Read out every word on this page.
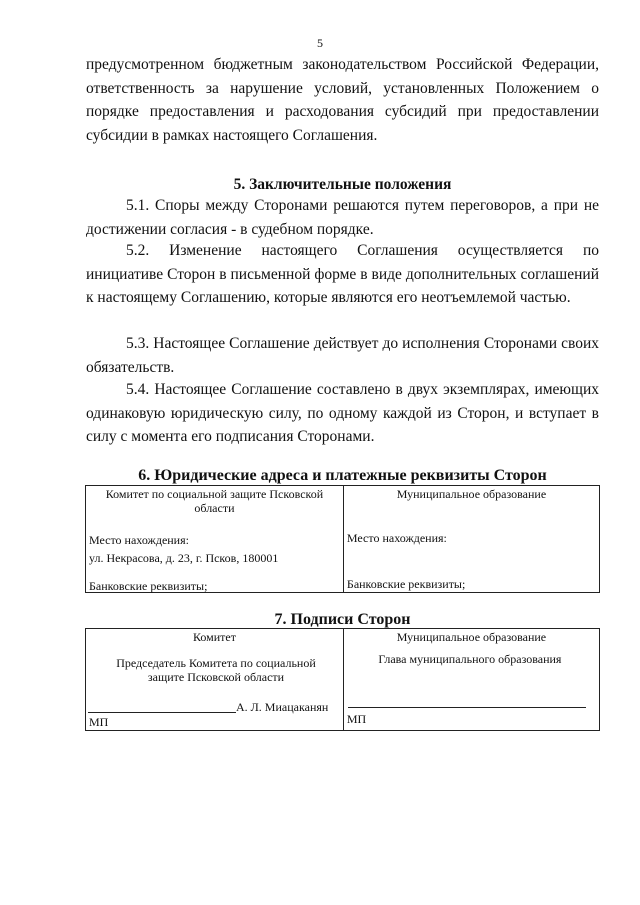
5
предусмотренном бюджетным законодательством Российской Федерации, ответственность за нарушение условий, установленных Положением о порядке предоставления и расходования субсидий при предоставлении субсидии в рамках настоящего Соглашения.
5. Заключительные положения
5.1. Споры между Сторонами решаются путем переговоров, а при не достижении согласия - в судебном порядке.
5.2. Изменение настоящего Соглашения осуществляется по инициативе Сторон в письменной форме в виде дополнительных соглашений к настоящему Соглашению, которые являются его неотъемлемой частью.
5.3. Настоящее Соглашение действует до исполнения Сторонами своих обязательств.
5.4. Настоящее Соглашение составлено в двух экземплярах, имеющих одинаковую юридическую силу, по одному каждой из Сторон, и вступает в силу с момента его подписания Сторонами.
6. Юридические адреса и платежные реквизиты Сторон
Комитет по социальной защите Псковской области
Место нахождения:
ул. Некрасова, д. 23, г. Псков, 180001
Банковские реквизиты;

Муниципальное образование
Место нахождения:
Банковские реквизиты;
7. Подписи Сторон
Комитет
Председатель Комитета по социальной защите Псковской области
А. Л. Миацаканян
МП

Муниципальное образование
Глава муниципального образования
МП
